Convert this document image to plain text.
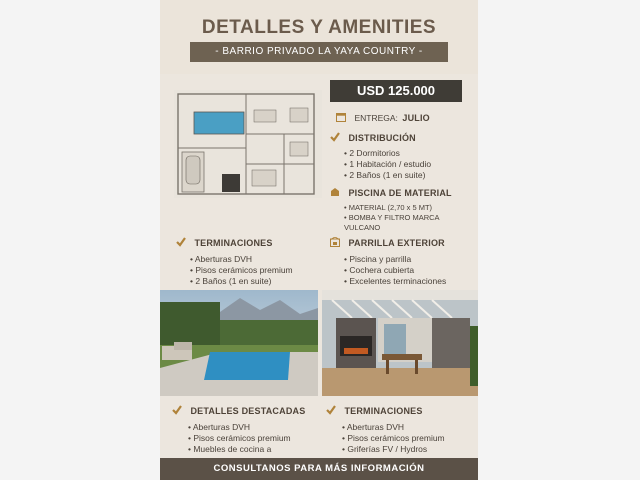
DETALLES Y AMENITIES
- BARRIO PRIVADO LA YAYA COUNTRY -
USD 125.000
ENTREGA: JULIO
DISTRIBUCIÓN
• 2 Dormitorios
• 1 Habitación / estudio
• 2 Baños (1 en suite)
PISCINA DE MATERIAL
• MATERIAL (2,70 x 5 MT)
• BOMBA Y FILTRO MARCA
VULCANO
TERMINACIONES
• Aberturas DVH
• Pisos cerámicos premium
• 2 Baños (1 en suite)
PARRILLA EXTERIOR
• Piscina y parrilla
• Cochera cubierta
• Excelentes terminaciones
DETALLES DESTACADAS
• Aberturas DVH
• Pisos cerámicos premium
• Muebles de cocina a
TERMINACIONES
• Aberturas DVH
• Pisos cerámicos premium
• Griferías FV / Hydros
CONSULTANOS PARA MÁS INFORMACIÓN
